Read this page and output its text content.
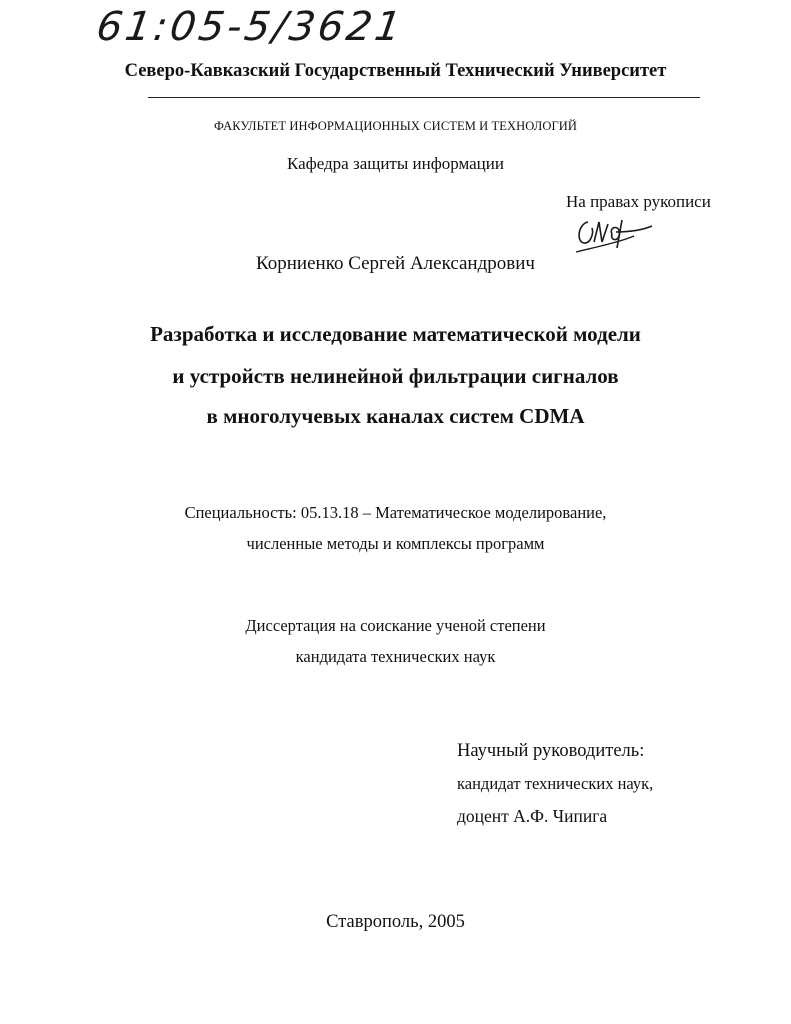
61:05-5/3621
Северо-Кавказский Государственный Технический Университет
ФАКУЛЬТЕТ ИНФОРМАЦИОННЫХ СИСТЕМ И ТЕХНОЛОГИЙ
Кафедра защиты информации
На правах рукописи
Корниенко Сергей Александрович
Разработка и исследование математической модели
и устройств нелинейной фильтрации сигналов
в многолучевых каналах систем CDMA
Специальность: 05.13.18 – Математическое моделирование,
численные методы и комплексы программ
Диссертация на соискание ученой степени
кандидата технических наук
Научный руководитель:
кандидат технических наук,
доцент А.Ф. Чипига
Ставрополь, 2005
